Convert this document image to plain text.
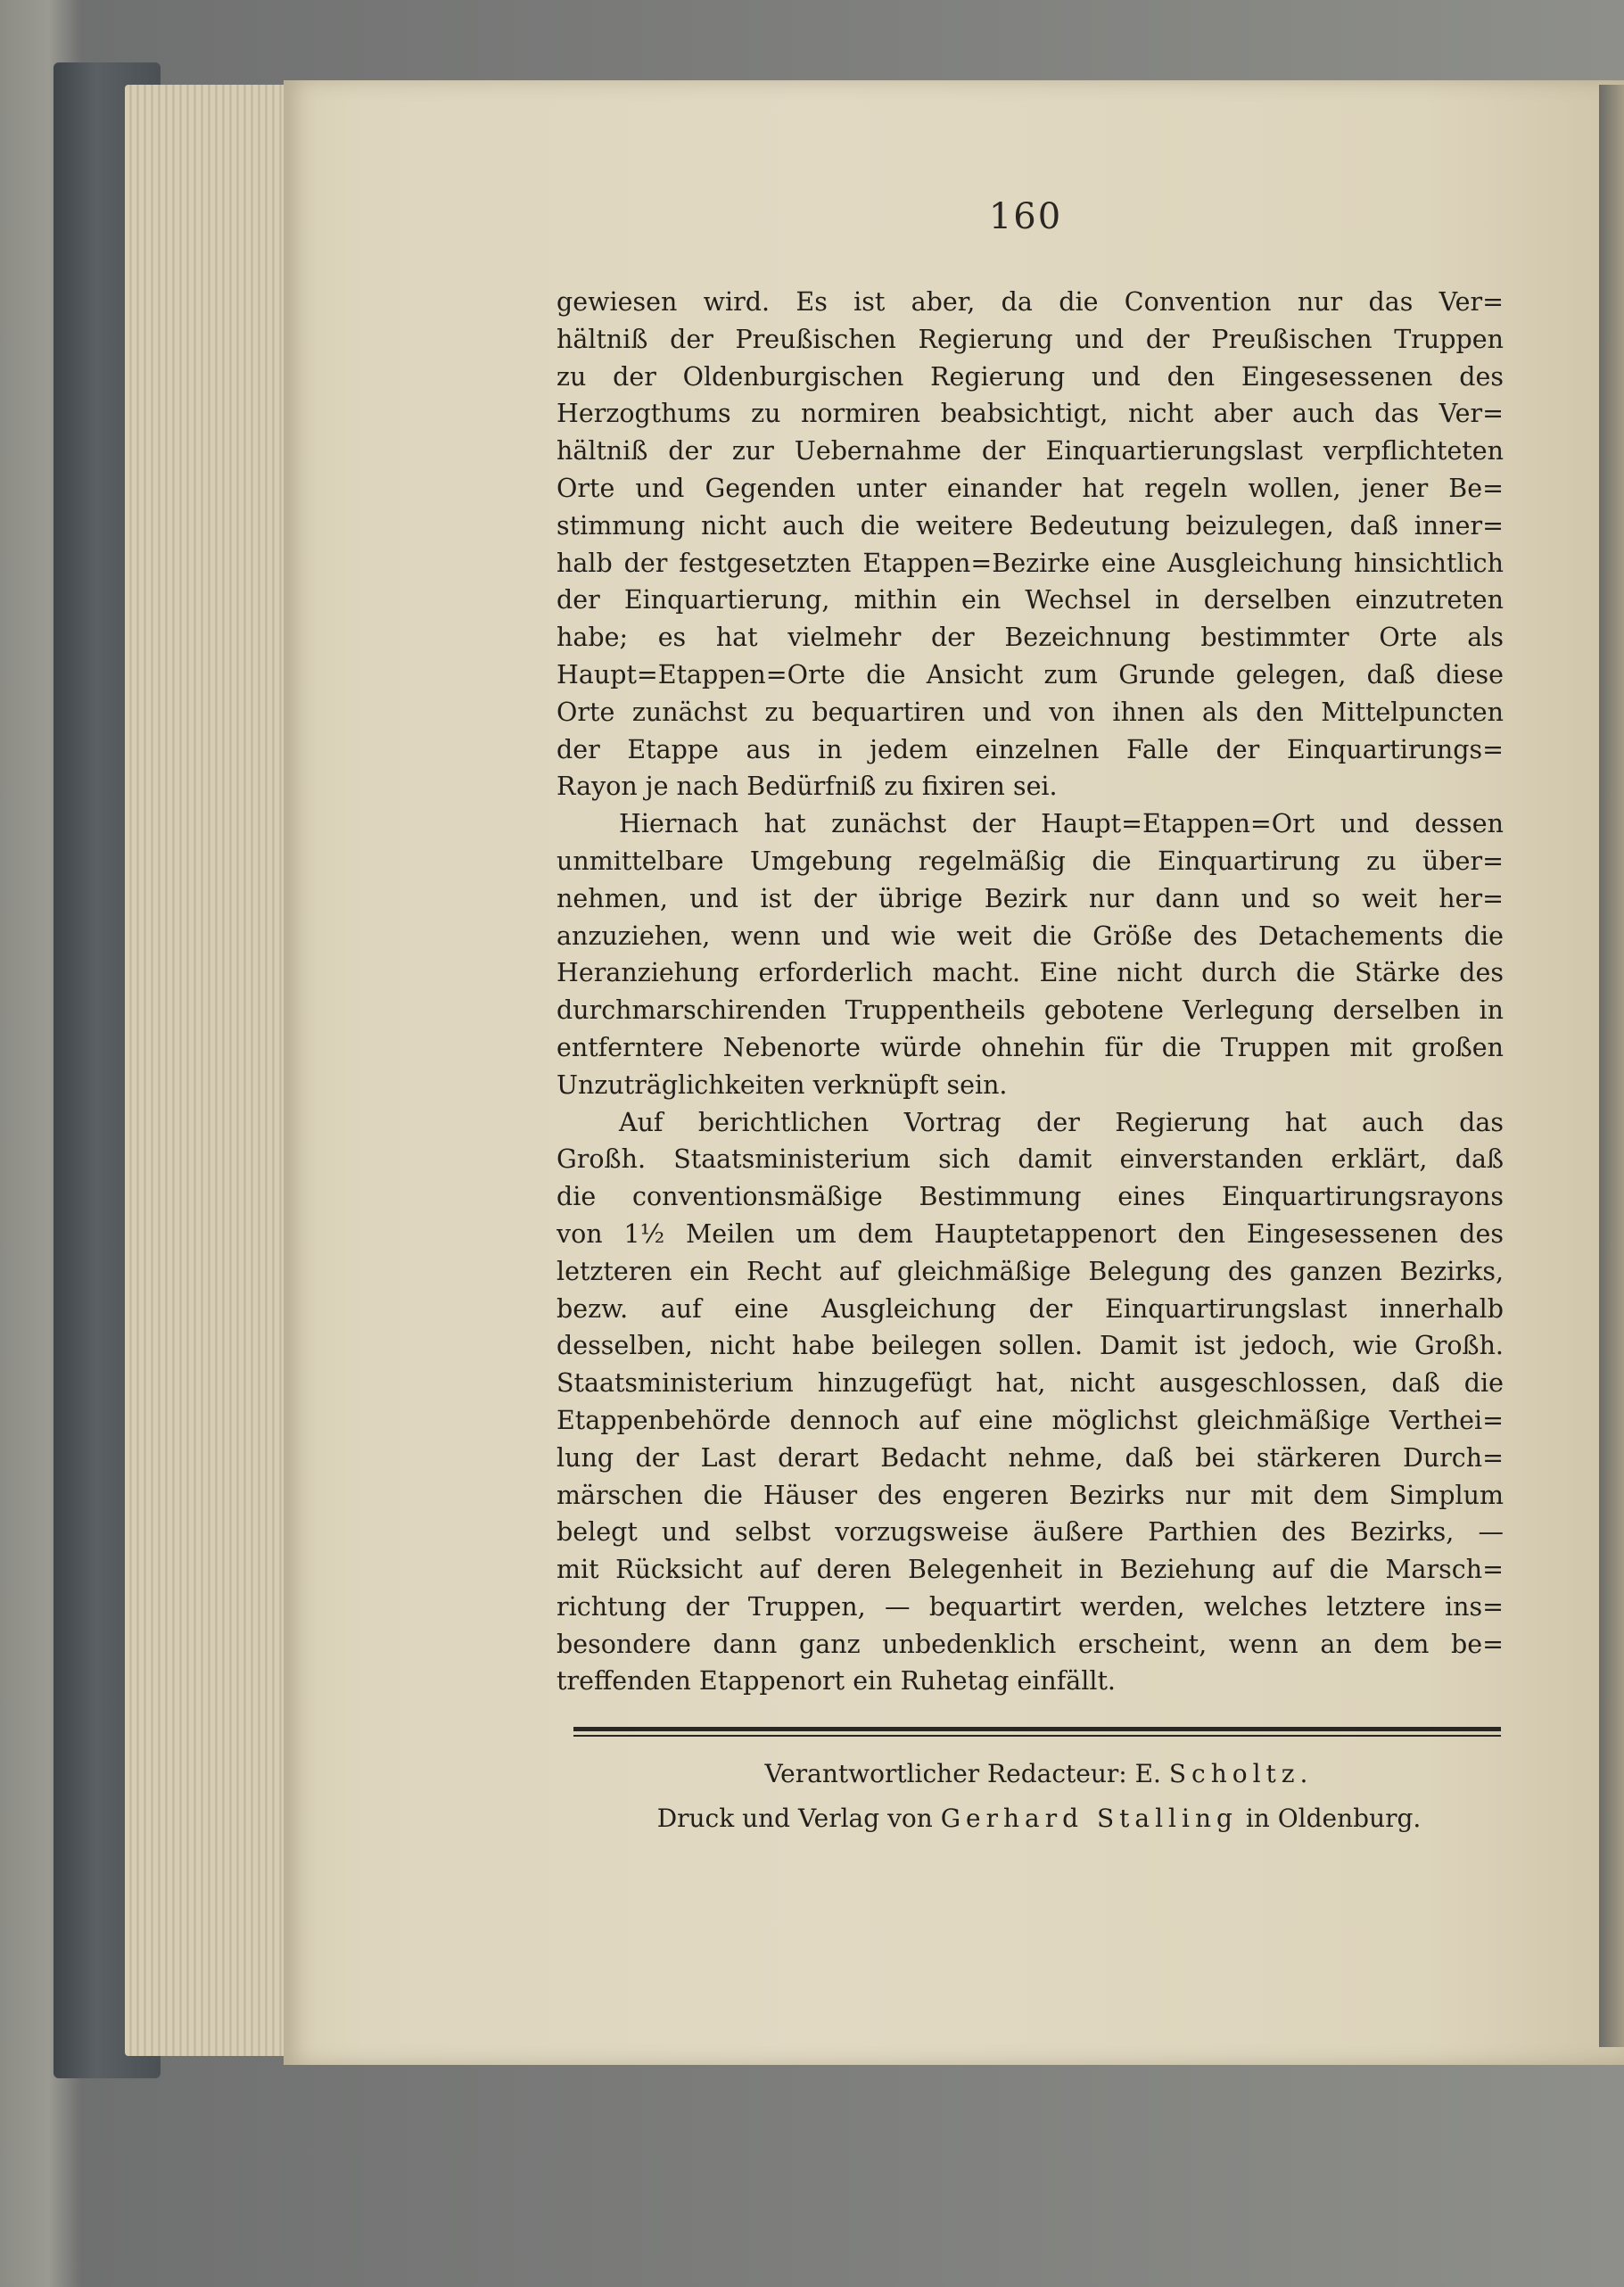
160
gewiesen wird. Es ist aber, da die Convention nur das Ver=
hältniß der Preußischen Regierung und der Preußischen Truppen
zu der Oldenburgischen Regierung und den Eingesessenen des
Herzogthums zu normiren beabsichtigt, nicht aber auch das Ver=
hältniß der zur Uebernahme der Einquartierungslast verpflichteten
Orte und Gegenden unter einander hat regeln wollen, jener Be=
stimmung nicht auch die weitere Bedeutung beizulegen, daß inner=
halb der festgesetzten Etappen=Bezirke eine Ausgleichung hinsichtlich
der Einquartierung, mithin ein Wechsel in derselben einzutreten
habe; es hat vielmehr der Bezeichnung bestimmter Orte als
Haupt=Etappen=Orte die Ansicht zum Grunde gelegen, daß diese
Orte zunächst zu bequartiren und von ihnen als den Mittelpuncten
der Etappe aus in jedem einzelnen Falle der Einquartirungs=
Rayon je nach Bedürfniß zu fixiren sei.
Hiernach hat zunächst der Haupt=Etappen=Ort und dessen
unmittelbare Umgebung regelmäßig die Einquartirung zu über=
nehmen, und ist der übrige Bezirk nur dann und so weit her=
anzuziehen, wenn und wie weit die Größe des Detachements die
Heranziehung erforderlich macht. Eine nicht durch die Stärke des
durchmarschirenden Truppentheils gebotene Verlegung derselben in
entferntere Nebenorte würde ohnehin für die Truppen mit großen
Unzuträglichkeiten verknüpft sein.
Auf berichtlichen Vortrag der Regierung hat auch das
Großh. Staatsministerium sich damit einverstanden erklärt, daß
die conventionsmäßige Bestimmung eines Einquartirungsrayons
von 1½ Meilen um dem Hauptetappenort den Eingesessenen des
letzteren ein Recht auf gleichmäßige Belegung des ganzen Bezirks,
bezw. auf eine Ausgleichung der Einquartirungslast innerhalb
desselben, nicht habe beilegen sollen. Damit ist jedoch, wie Großh.
Staatsministerium hinzugefügt hat, nicht ausgeschlossen, daß die
Etappenbehörde dennoch auf eine möglichst gleichmäßige Verthei=
lung der Last derart Bedacht nehme, daß bei stärkeren Durch=
märschen die Häuser des engeren Bezirks nur mit dem Simplum
belegt und selbst vorzugsweise äußere Parthien des Bezirks, —
mit Rücksicht auf deren Belegenheit in Beziehung auf die Marsch=
richtung der Truppen, — bequartirt werden, welches letztere ins=
besondere dann ganz unbedenklich erscheint, wenn an dem be=
treffenden Etappenort ein Ruhetag einfällt.
Verantwortlicher Redacteur: E. Scholtz.
Druck und Verlag von Gerhard Stalling in Oldenburg.
